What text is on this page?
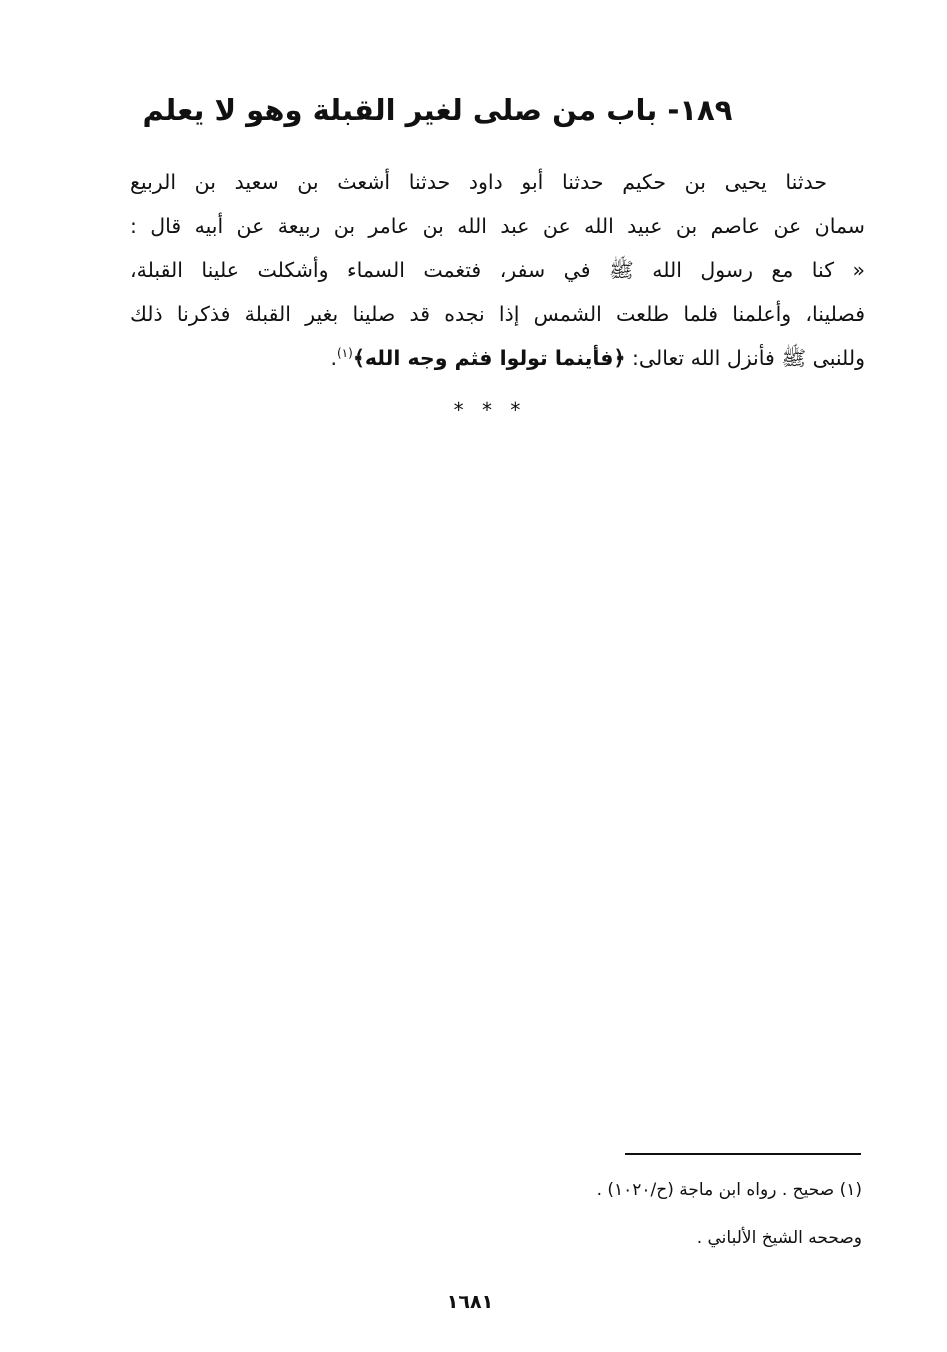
١٨٩- باب من صلى لغير القبلة وهو لا يعلم
حدثنا يحيى بن حكيم حدثنا أبو داود حدثنا أشعث بن سعيد بن الربيع
سمان عن عاصم بن عبيد الله عن عبد الله بن عامر بن ربيعة عن أبيه قال :
« كنا مع رسول الله ﷺ في سفر، فتغمت السماء وأشكلت علينا القبلة،
فصلينا، وأعلمنا فلما طلعت الشمس إذا نجده قد صلينا بغير القبلة فذكرنا ذلك
وللنبى ﷺ فأنزل الله تعالى: ﴿فأينما تولوا فثم وجه الله﴾$^{(١)}$.
* * *
(١) صحيح . رواه ابن ماجة (ح/١٠٢٠) .
وصححه الشيخ الألباني .
١٦٨١
